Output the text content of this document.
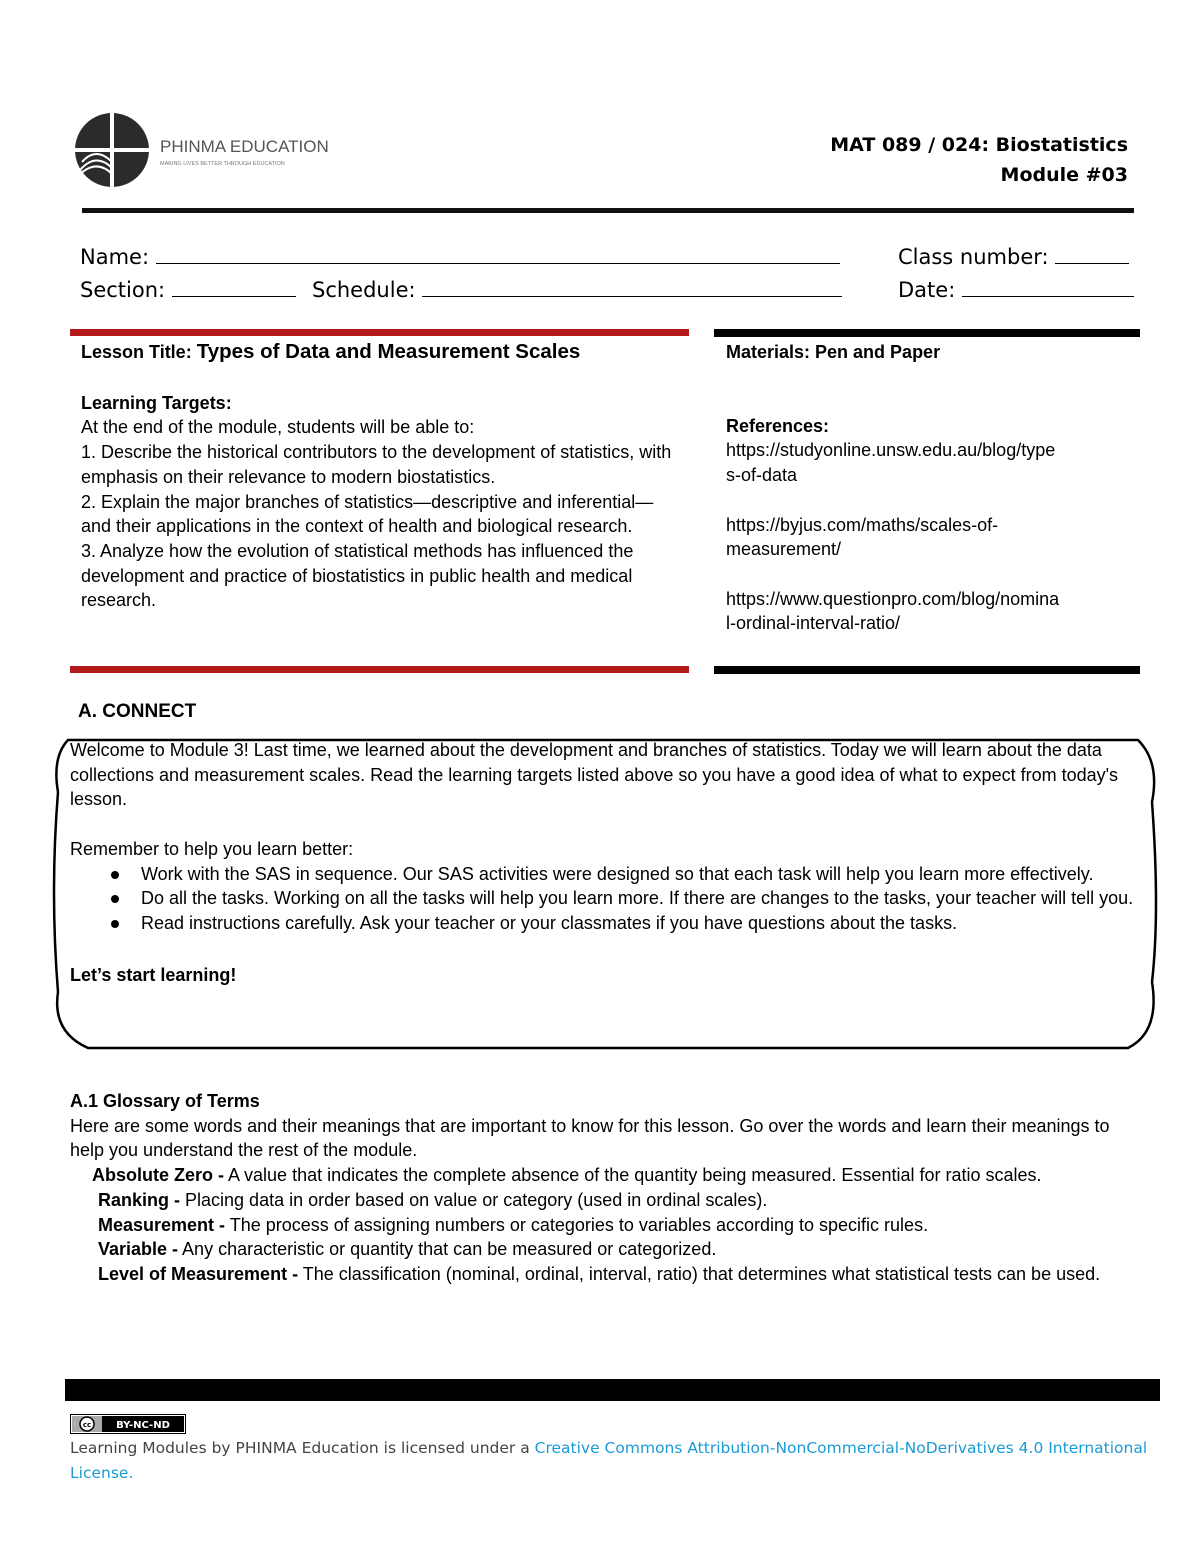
PHINMA EDUCATION
MAKING LIVES BETTER THROUGH EDUCATION
MAT 089 / 024: Biostatistics
Module #03
Name:	Class number:
Section:	Schedule:	Date:
Lesson Title: Types of Data and Measurement Scales
Learning Targets:
At the end of the module, students will be able to:
1. Describe the historical contributors to the development of statistics, with emphasis on their relevance to modern biostatistics.
2. Explain the major branches of statistics—descriptive and inferential—and their applications in the context of health and biological research.
3. Analyze how the evolution of statistical methods has influenced the development and practice of biostatistics in public health and medical research.
Materials: Pen and Paper
References:
https://studyonline.unsw.edu.au/blog/type
s-of-data
https://byjus.com/maths/scales-of-
measurement/
https://www.questionpro.com/blog/nomina
l-ordinal-interval-ratio/
A. CONNECT
Welcome to Module 3! Last time, we learned about the development and branches of statistics. Today we will learn about the data collections and measurement scales. Read the learning targets listed above so you have a good idea of what to expect from today's lesson.
Remember to help you learn better:
Work with the SAS in sequence. Our SAS activities were designed so that each task will help you learn more effectively.
Do all the tasks. Working on all the tasks will help you learn more. If there are changes to the tasks, your teacher will tell you.
Read instructions carefully. Ask your teacher or your classmates if you have questions about the tasks.
Let’s start learning!
A.1 Glossary of Terms
Here are some words and their meanings that are important to know for this lesson. Go over the words and learn their meanings to help you understand the rest of the module.
Absolute Zero - A value that indicates the complete absence of the quantity being measured. Essential for ratio scales.
Ranking - Placing data in order based on value or category (used in ordinal scales).
Measurement - The process of assigning numbers or categories to variables according to specific rules.
Variable - Any characteristic or quantity that can be measured or categorized.
Level of Measurement - The classification (nominal, ordinal, interval, ratio) that determines what statistical tests can be used.
cc BY-NC-ND
Learning Modules by PHINMA Education is licensed under a Creative Commons Attribution-NonCommercial-NoDerivatives 4.0 International License.
